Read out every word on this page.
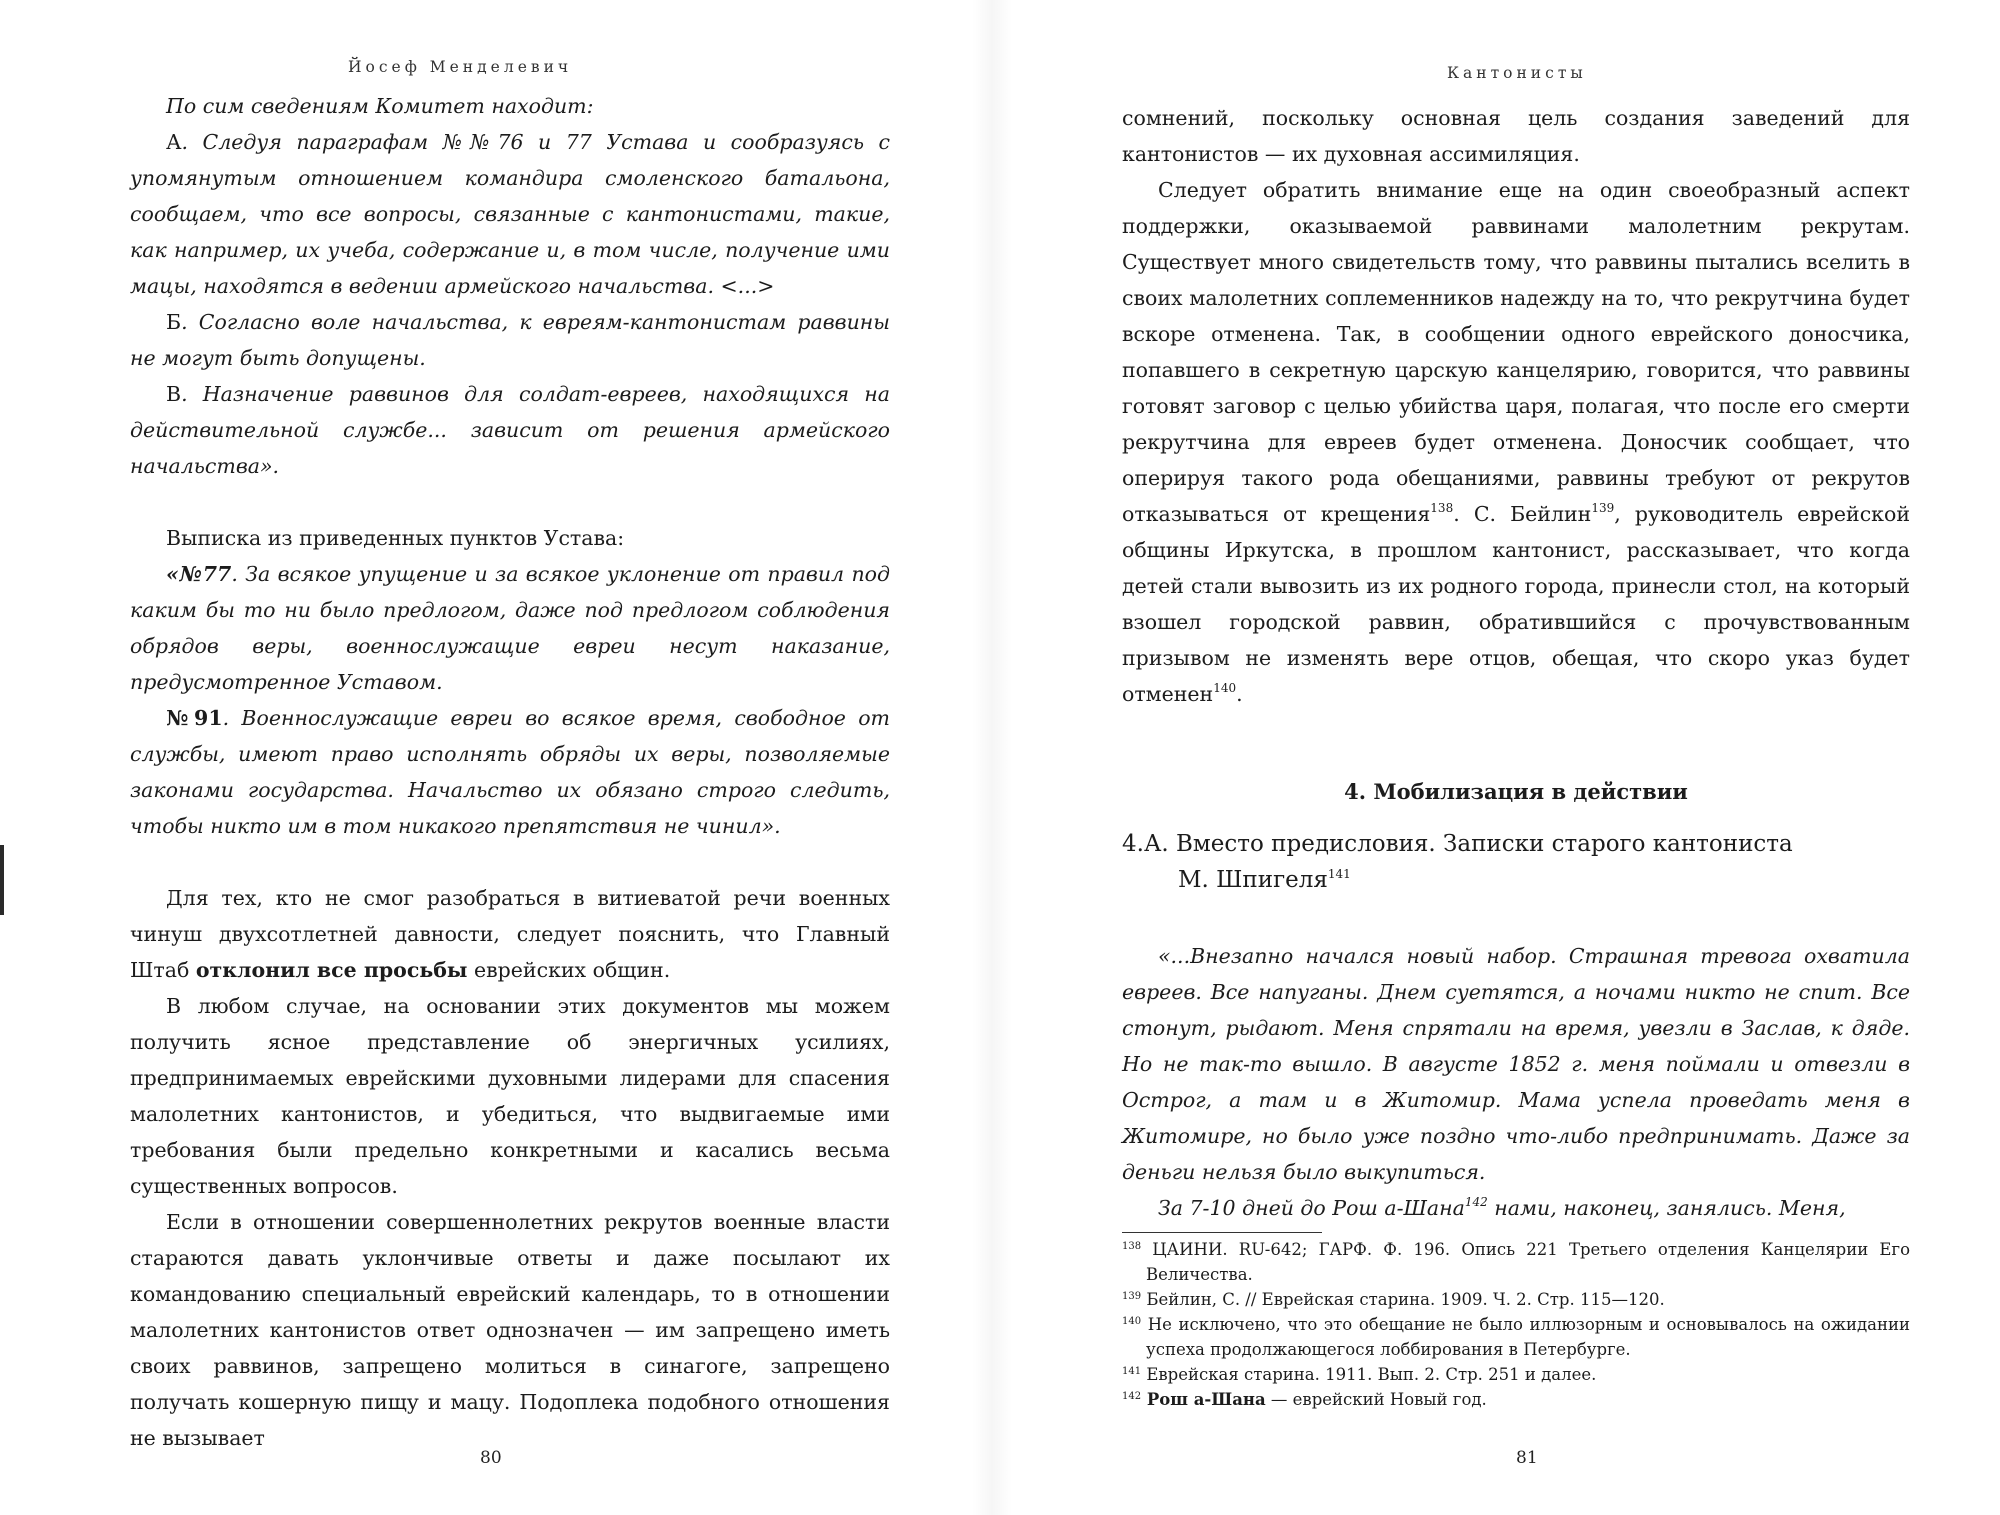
Йосеф Менделевич

По сим сведениям Комитет находит:

А. Следуя параграфам №№76 и 77 Устава и сообразуясь с упомянутым отношением командира смоленского батальона, сообщаем, что все вопросы, связанные с кантонистами, такие, как например, их учеба, содержание и, в том числе, получение ими мацы, находятся в ведении армейского начальства. <...>

Б. Согласно воле начальства, к евреям-кантонистам раввины не могут быть допущены.

В. Назначение раввинов для солдат-евреев, находящихся на действительной службе... зависит от решения армейского начальства».

Выписка из приведенных пунктов Устава:

«№77. За всякое упущение и за всякое уклонение от правил под каким бы то ни было предлогом, даже под предлогом соблюдения обрядов веры, военнослужащие евреи несут наказание, предусмотренное Уставом.

№91. Военнослужащие евреи во всякое время, свободное от службы, имеют право исполнять обряды их веры, позволяемые законами государства. Начальство их обязано строго следить, чтобы никто им в том никакого препятствия не чинил».

Для тех, кто не смог разобраться в витиеватой речи военных чинуш двухсотлетней давности, следует пояснить, что Главный Штаб отклонил все просьбы еврейских общин.

В любом случае, на основании этих документов мы можем получить ясное представление об энергичных усилиях, предпринимаемых еврейскими духовными лидерами для спасения малолетних кантонистов, и убедиться, что выдвигаемые ими требования были предельно конкретными и касались весьма существенных вопросов.

Если в отношении совершеннолетних рекрутов военные власти стараются давать уклончивые ответы и даже посылают их командованию специальный еврейский календарь, то в отношении малолетних кантонистов ответ однозначен — им запрещено иметь своих раввинов, запрещено молиться в синагоге, запрещено получать кошерную пищу и мацу. Подоплека подобного отношения не вызывает

80
Кантонисты

сомнений, поскольку основная цель создания заведений для кантонистов — их духовная ассимиляция.

Следует обратить внимание еще на один своеобразный аспект поддержки, оказываемой раввинами малолетним рекрутам. Существует много свидетельств тому, что раввины пытались вселить в своих малолетних соплеменников надежду на то, что рекрутчина будет вскоре отменена. Так, в сообщении одного еврейского доносчика, попавшего в секретную царскую канцелярию, говорится, что раввины готовят заговор с целью убийства царя, полагая, что после его смерти рекрутчина для евреев будет отменена. Доносчик сообщает, что оперируя такого рода обещаниями, раввины требуют от рекрутов отказываться от крещения$^{138}$. С. Бейлин$^{139}$, руководитель еврейской общины Иркутска, в прошлом кантонист, рассказывает, что когда детей стали вывозить из их родного города, принесли стол, на который взошел городской раввин, обратившийся с прочувствованным призывом не изменять вере отцов, обещая, что скоро указ будет отменен$^{140}$.

4. Мобилизация в действии

4.А. Вместо предисловия. Записки старого кантониста
М. Шпигеля$^{141}$

«...Внезапно начался новый набор. Страшная тревога охватила евреев. Все напуганы. Днем суетятся, а ночами никто не спит. Все стонут, рыдают. Меня спрятали на время, увезли в Заслав, к дяде. Но не так-то вышло. В августе 1852 г. меня поймали и отвезли в Острог, а там и в Житомир. Мама успела проведать меня в Житомире, но было уже поздно что-либо предпринимать. Даже за деньги нельзя было выкупиться.

За 7-10 дней до Рош а-Шана$^{142}$ нами, наконец, занялись. Меня,

$^{138}$ ЦАИНИ. RU-642; ГАРФ. Ф. 196. Опись 221 Третьего отделения Канцелярии Его Величества.

$^{139}$ Бейлин, С. // Еврейская старина. 1909. Ч. 2. Стр. 115—120.

$^{140}$ Не исключено, что это обещание не было иллюзорным и основывалось на ожидании успеха продолжающегося лоббирования в Петербурге.

$^{141}$ Еврейская старина. 1911. Вып. 2. Стр. 251 и далее.

$^{142}$ Рош а-Шана — еврейский Новый год.

81
